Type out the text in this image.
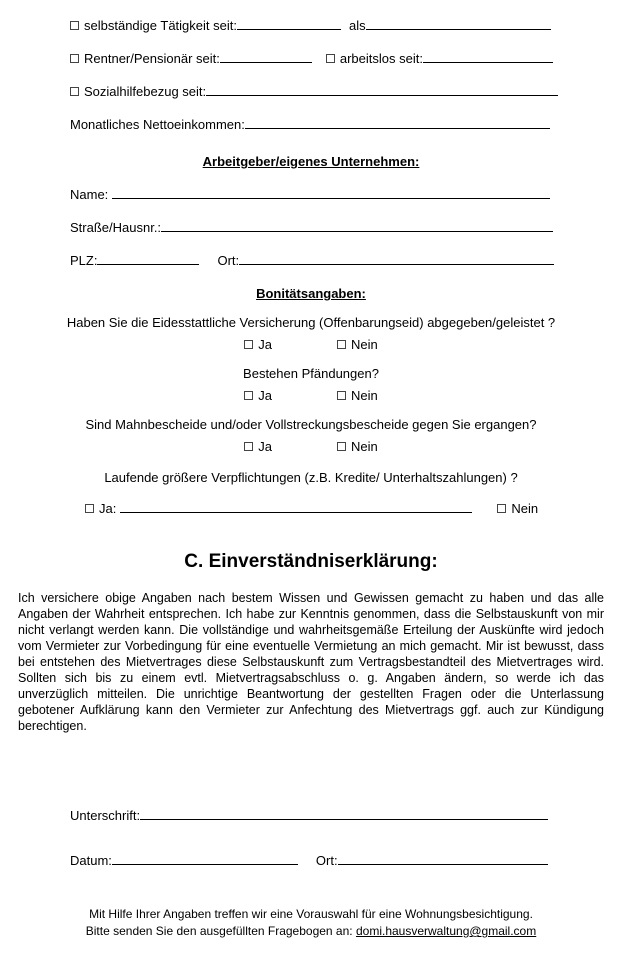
selbständige Tätigkeit seit:	als
Rentner/Pensionär seit:	arbeitslos seit:
Sozialhilfebezug seit:
Monatliches Nettoeinkommen:
Arbeitgeber/eigenes Unternehmen:
Name:
Straße/Hausnr.:
PLZ:	Ort:
Bonitätsangaben:
Haben Sie die Eidesstattliche Versicherung (Offenbarungseid) abgegeben/geleistet ?
Ja	Nein
Bestehen Pfändungen?
Ja	Nein
Sind Mahnbescheide und/oder Vollstreckungsbescheide gegen Sie ergangen?
Ja	Nein
Laufende größere Verpflichtungen (z.B. Kredite/ Unterhaltszahlungen) ?
Ja:	Nein
C. Einverständniserklärung:
Ich versichere obige Angaben nach bestem Wissen und Gewissen gemacht zu haben und das alle Angaben der Wahrheit entsprechen. Ich habe zur Kenntnis genommen, dass die Selbstauskunft von mir nicht verlangt werden kann. Die vollständige und wahrheitsgemäße Erteilung der Auskünfte wird jedoch vom Vermieter zur Vorbedingung für eine eventuelle Vermietung an mich gemacht. Mir ist bewusst, dass bei entstehen des Mietvertrages diese Selbstauskunft zum Vertragsbestandteil des Mietvertrages wird. Sollten sich bis zu einem evtl. Mietvertragsabschluss o. g. Angaben ändern, so werde ich das unverzüglich mitteilen. Die unrichtige Beantwortung der gestellten Fragen oder die Unterlassung gebotener Aufklärung kann den Vermieter zur Anfechtung des Mietvertrags ggf. auch zur Kündigung berechtigen.
Unterschrift:
Datum:	Ort:
Mit Hilfe Ihrer Angaben treffen wir eine Vorauswahl für eine Wohnungsbesichtigung.
Bitte senden Sie den ausgefüllten Fragebogen an: domi.hausverwaltung@gmail.com
